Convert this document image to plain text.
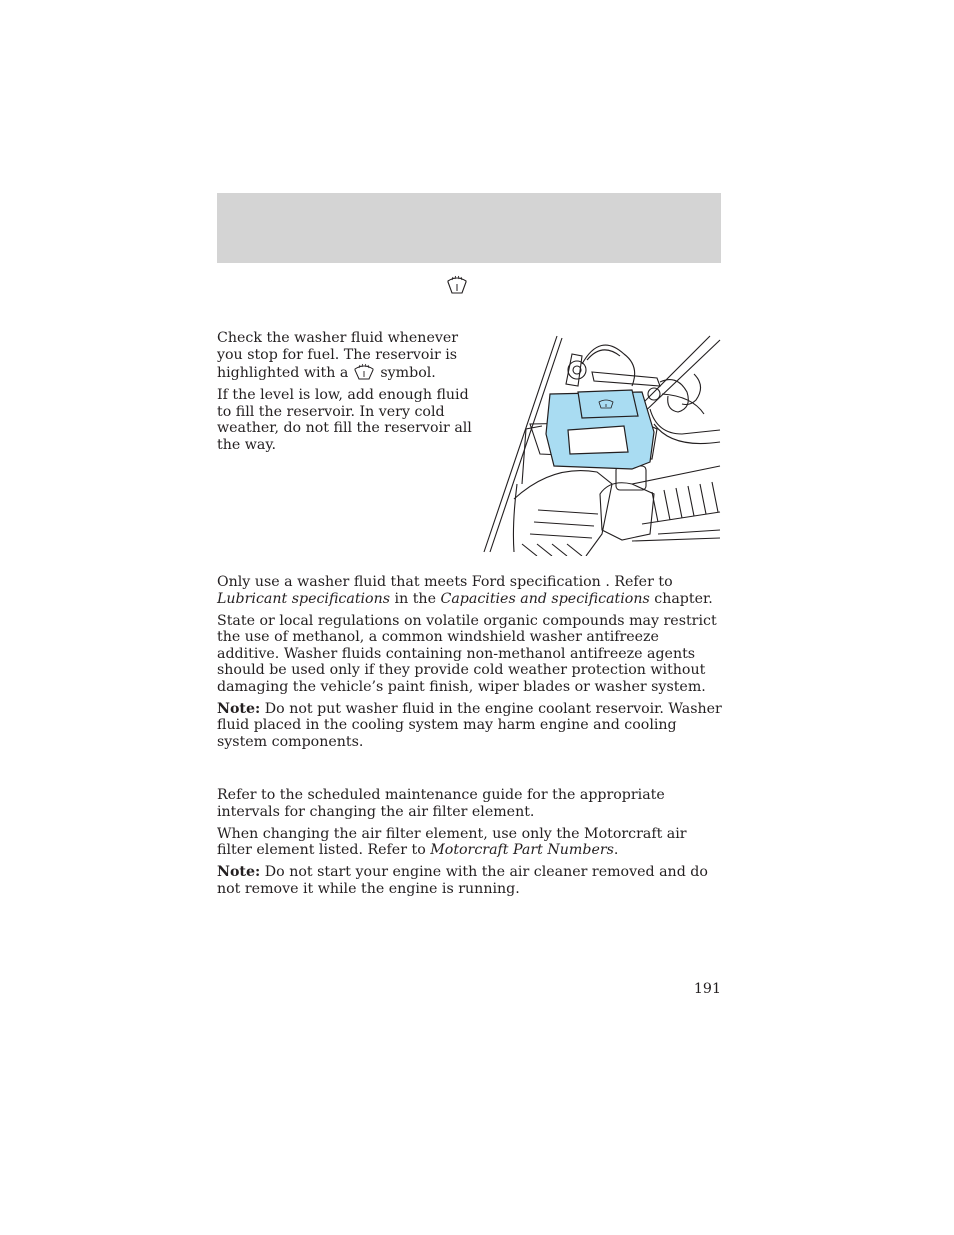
Check the washer fluid whenever you stop for fuel. The reservoir is highlighted with a symbol.

If the level is low, add enough fluid to fill the reservoir. In very cold weather, do not fill the reservoir all the way.

Only use a washer fluid that meets Ford specification . Refer to
Lubricant specifications in the Capacities and specifications chapter.

State or local regulations on volatile organic compounds may restrict the use of methanol, a common windshield washer antifreeze additive. Washer fluids containing non-methanol antifreeze agents should be used only if they provide cold weather protection without damaging the vehicle’s paint finish, wiper blades or washer system.

Note: Do not put washer fluid in the engine coolant reservoir. Washer fluid placed in the cooling system may harm engine and cooling system components.

Refer to the scheduled maintenance guide for the appropriate intervals for changing the air filter element.

When changing the air filter element, use only the Motorcraft air filter element listed. Refer to Motorcraft Part Numbers.

Note: Do not start your engine with the air cleaner removed and do not remove it while the engine is running.

191
